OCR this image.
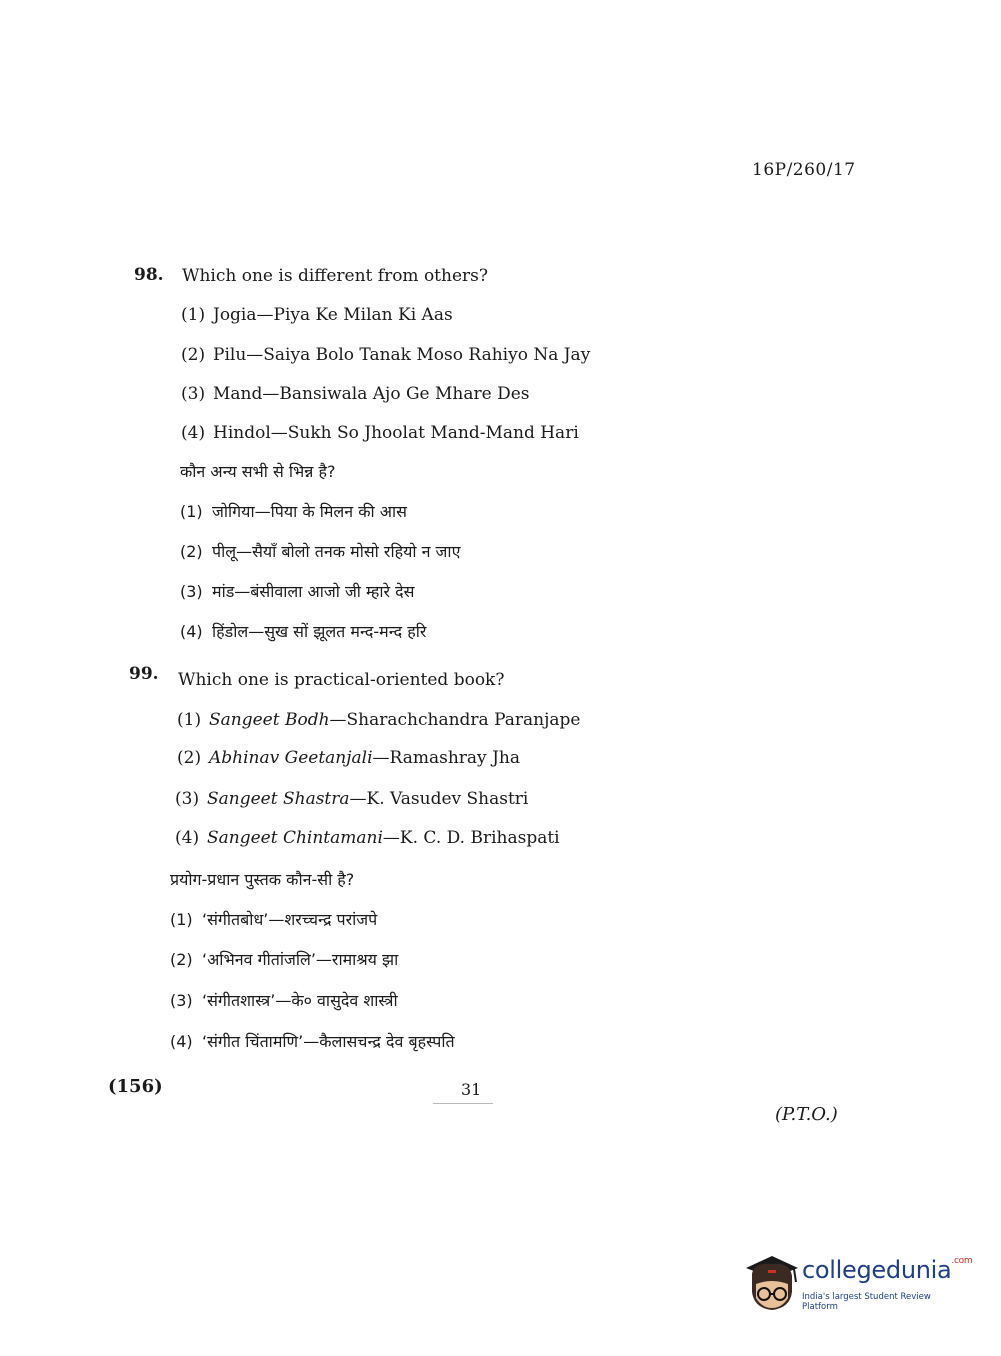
16P/260/17
98. Which one is different from others?
(1) Jogia—Piya Ke Milan Ki Aas
(2) Pilu—Saiya Bolo Tanak Moso Rahiyo Na Jay
(3) Mand—Bansiwala Ajo Ge Mhare Des
(4) Hindol—Sukh So Jhoolat Mand-Mand Hari
कौन अन्य सभी से भिन्न है?
(1) जोगिया—पिया के मिलन की आस
(2) पीलू—सैयाँ बोलो तनक मोसो रहियो न जाए
(3) मांड—बंसीवाला आजो जी म्हारे देस
(4) हिंडोल—सुख सों झूलत मन्द-मन्द हरि
99. Which one is practical-oriented book?
(1) Sangeet Bodh—Sharachchandra Paranjape
(2) Abhinav Geetanjali—Ramashray Jha
(3) Sangeet Shastra—K. Vasudev Shastri
(4) Sangeet Chintamani—K. C. D. Brihaspati
प्रयोग-प्रधान पुस्तक कौन-सी है?
(1) ‘संगीतबोध’—शरच्चन्द्र परांजपे
(2) ‘अभिनव गीतांजलि’—रामाश्रय झा
(3) ‘संगीतशास्त्र’—के० वासुदेव शास्त्री
(4) ‘संगीत चिंतामणि’—कैलासचन्द्र देव बृहस्पति
(156)	31
(P.T.O.)
collegedunia$^{.com}$
India's largest Student Review Platform
